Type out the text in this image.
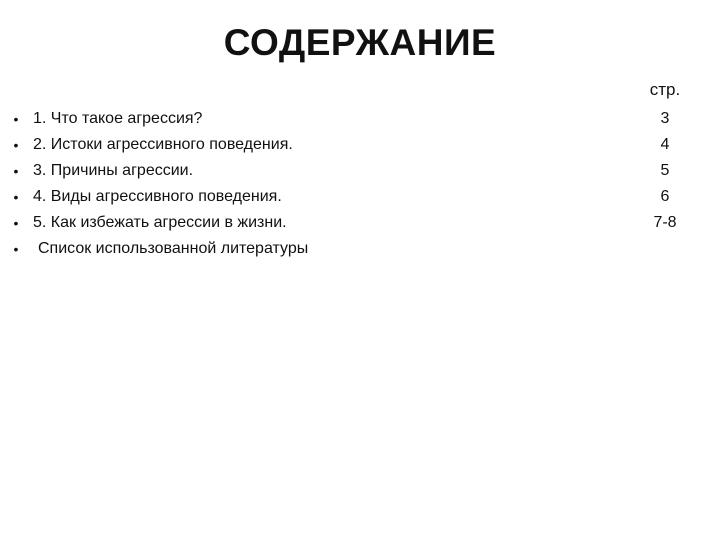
СОДЕРЖАНИЕ
стр.
• 1. Что такое агрессия?	3
• 2. Истоки агрессивного поведения.	4
• 3. Причины агрессии.	5
• 4. Виды агрессивного поведения.	6
• 5. Как избежать агрессии в жизни.	7-8
• Список использованной литературы
